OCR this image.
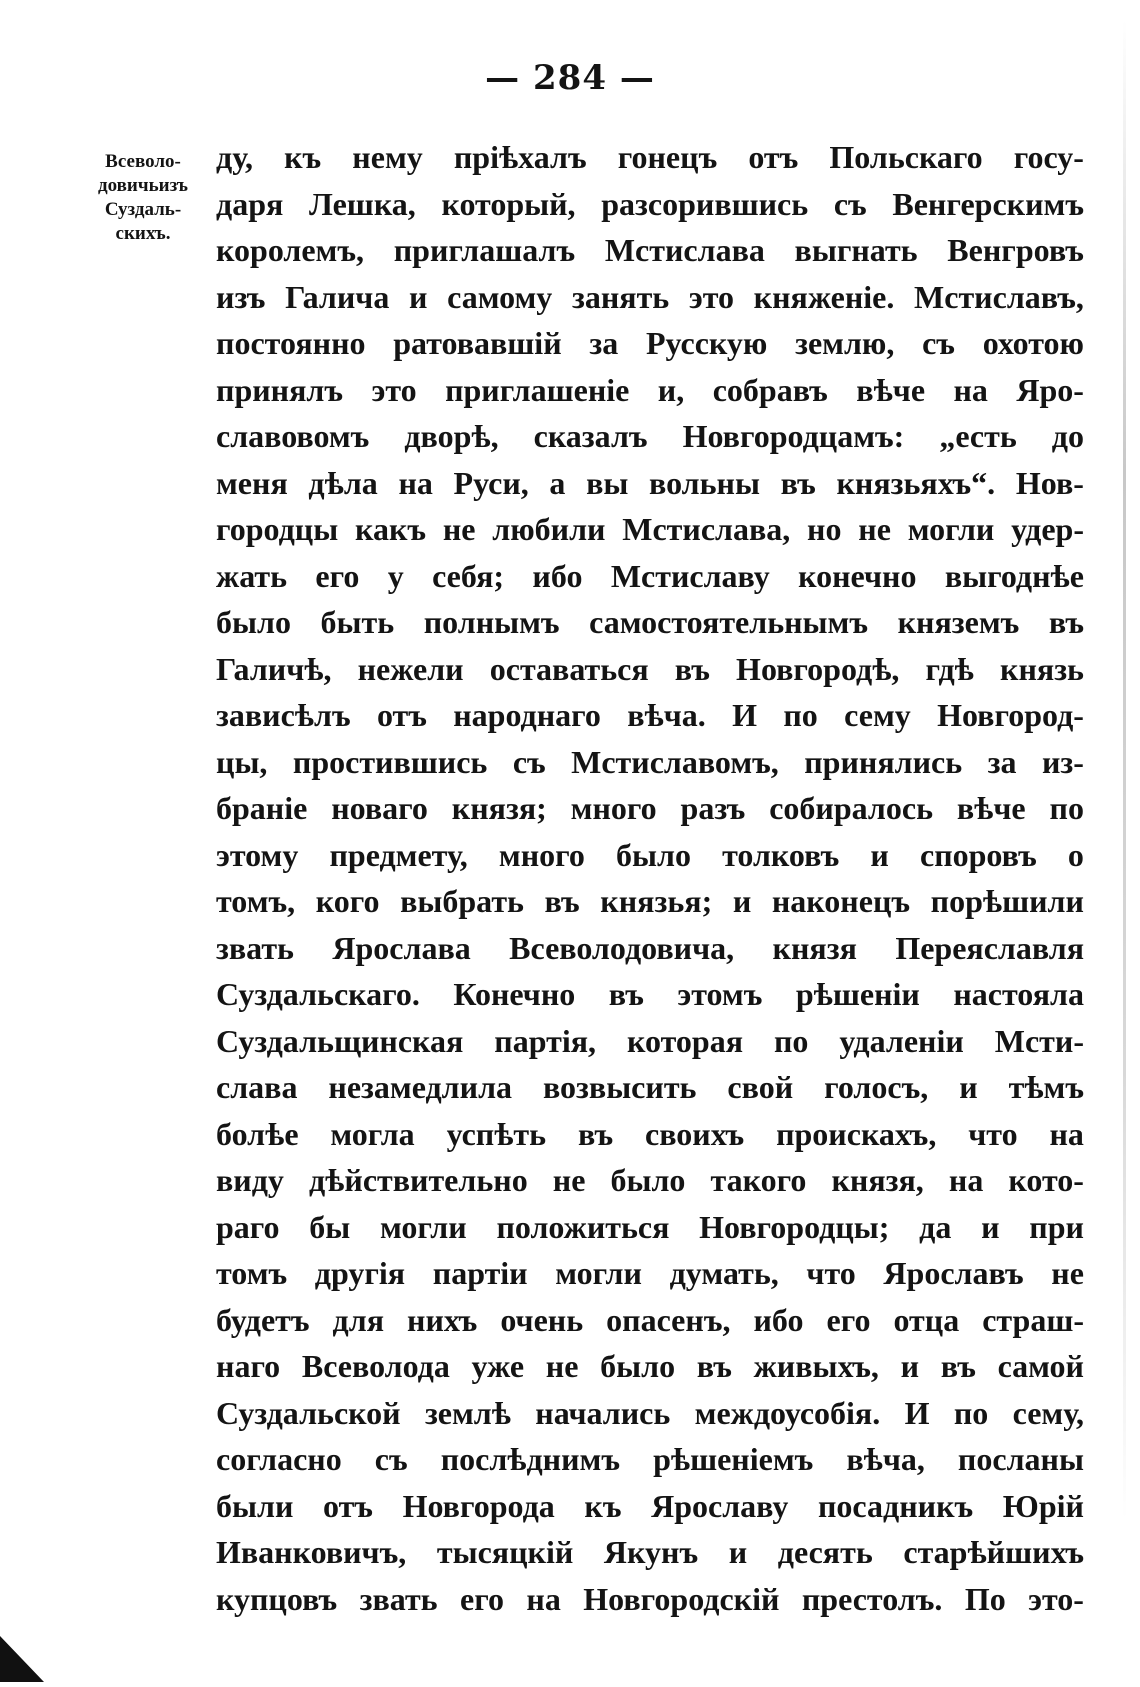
— 284 —
Всеволо-
довичьизъ
Суздаль-
скихъ.
ду, къ нему пріѣхалъ гонецъ отъ Польскаго госу-
даря Лешка, который, разсорившись съ Венгерскимъ
королемъ, приглашалъ Мстислава выгнать Венгровъ
изъ Галича и самому занять это княженіе. Мстиславъ,
постоянно ратовавшій за Русскую землю, съ охотою
принялъ это приглашеніе и, собравъ вѣче на Яро-
славовомъ дворѣ, сказалъ Новгородцамъ: „есть до
меня дѣла на Руси, а вы вольны въ князьяхъ“. Нов-
городцы какъ не любили Мстислава, но не могли удер-
жать его у себя; ибо Мстиславу конечно выгоднѣе
было быть полнымъ самостоятельнымъ княземъ въ
Галичѣ, нежели оставаться въ Новгородѣ, гдѣ князь
зависѣлъ отъ народнаго вѣча. И по сему Новгород-
цы, простившись съ Мстиславомъ, принялись за из-
браніе новаго князя; много разъ собиралось вѣче по
этому предмету, много было толковъ и споровъ о
томъ, кого выбрать въ князья; и наконецъ порѣшили
звать Ярослава Всеволодовича, князя Переяславля
Суздальскаго. Конечно въ этомъ рѣшеніи настояла
Суздальщинская партія, которая по удаленіи Мсти-
слава незамедлила возвысить свой голосъ, и тѣмъ
болѣе могла успѣть въ своихъ проискахъ, что на
виду дѣйствительно не было такого князя, на кото-
раго бы могли положиться Новгородцы; да и при
томъ другія партіи могли думать, что Ярославъ не
будетъ для нихъ очень опасенъ, ибо его отца страш-
наго Всеволода уже не было въ живыхъ, и въ самой
Суздальской землѣ начались междоусобія. И по сему,
согласно съ послѣднимъ рѣшеніемъ вѣча, посланы
были отъ Новгорода къ Ярославу посадникъ Юрій
Иванковичъ, тысяцкій Якунъ и десять старѣйшихъ
купцовъ звать его на Новгородскій престолъ. По это-
